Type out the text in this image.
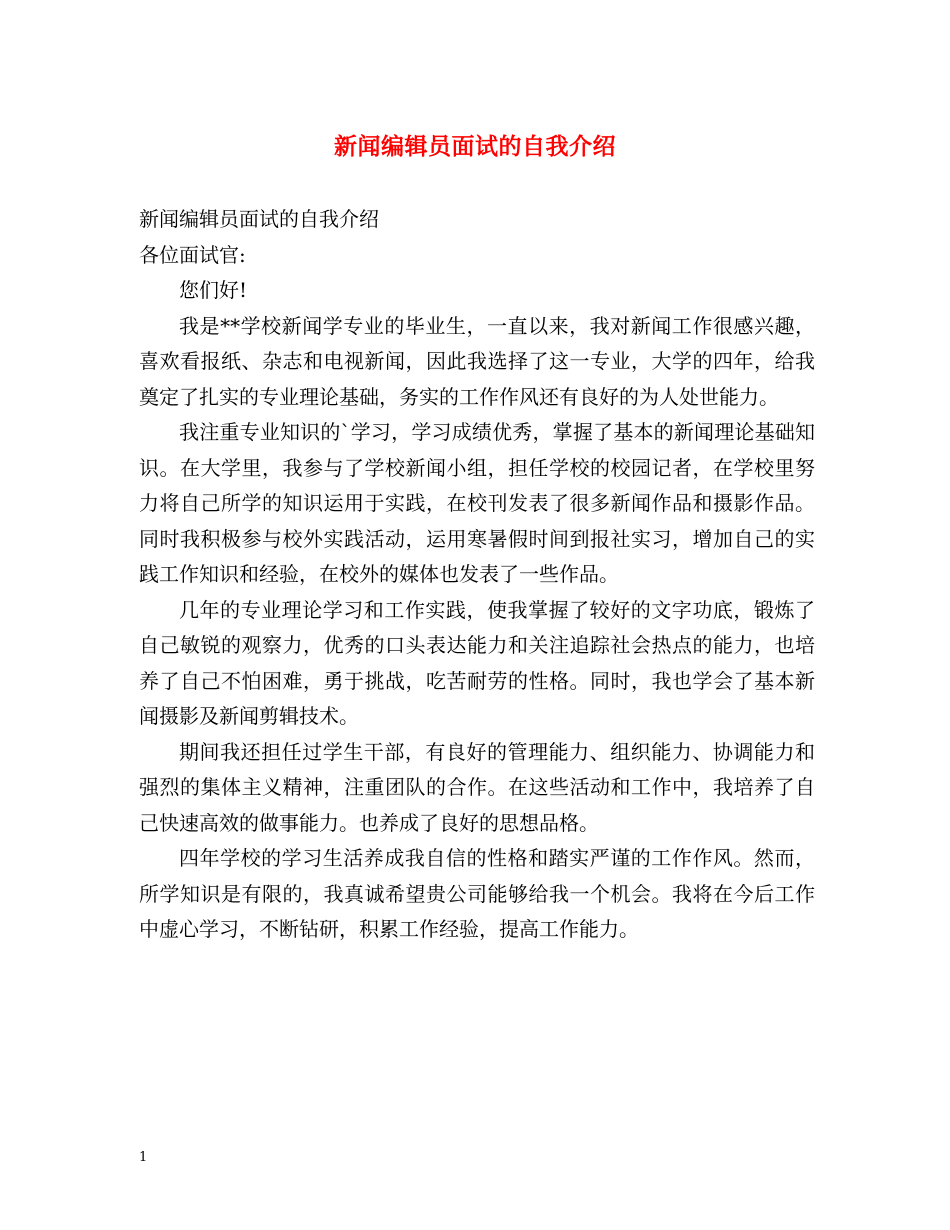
新闻编辑员面试的自我介绍

新闻编辑员面试的自我介绍

各位面试官:

您们好!

我是**学校新闻学专业的毕业生，一直以来，我对新闻工作很感兴趣，喜欢看报纸、杂志和电视新闻，因此我选择了这一专业，大学的四年，给我奠定了扎实的专业理论基础，务实的工作作风还有良好的为人处世能力。

我注重专业知识的`学习，学习成绩优秀，掌握了基本的新闻理论基础知识。在大学里，我参与了学校新闻小组，担任学校的校园记者，在学校里努力将自己所学的知识运用于实践，在校刊发表了很多新闻作品和摄影作品。同时我积极参与校外实践活动，运用寒暑假时间到报社实习，增加自己的实践工作知识和经验，在校外的媒体也发表了一些作品。

几年的专业理论学习和工作实践，使我掌握了较好的文字功底，锻炼了自己敏锐的观察力，优秀的口头表达能力和关注追踪社会热点的能力，也培养了自己不怕困难，勇于挑战，吃苦耐劳的性格。同时，我也学会了基本新闻摄影及新闻剪辑技术。

期间我还担任过学生干部，有良好的管理能力、组织能力、协调能力和强烈的集体主义精神，注重团队的合作。在这些活动和工作中，我培养了自己快速高效的做事能力。也养成了良好的思想品格。

四年学校的学习生活养成我自信的性格和踏实严谨的工作作风。然而，所学知识是有限的，我真诚希望贵公司能够给我一个机会。我将在今后工作中虚心学习，不断钻研，积累工作经验，提高工作能力。

1
